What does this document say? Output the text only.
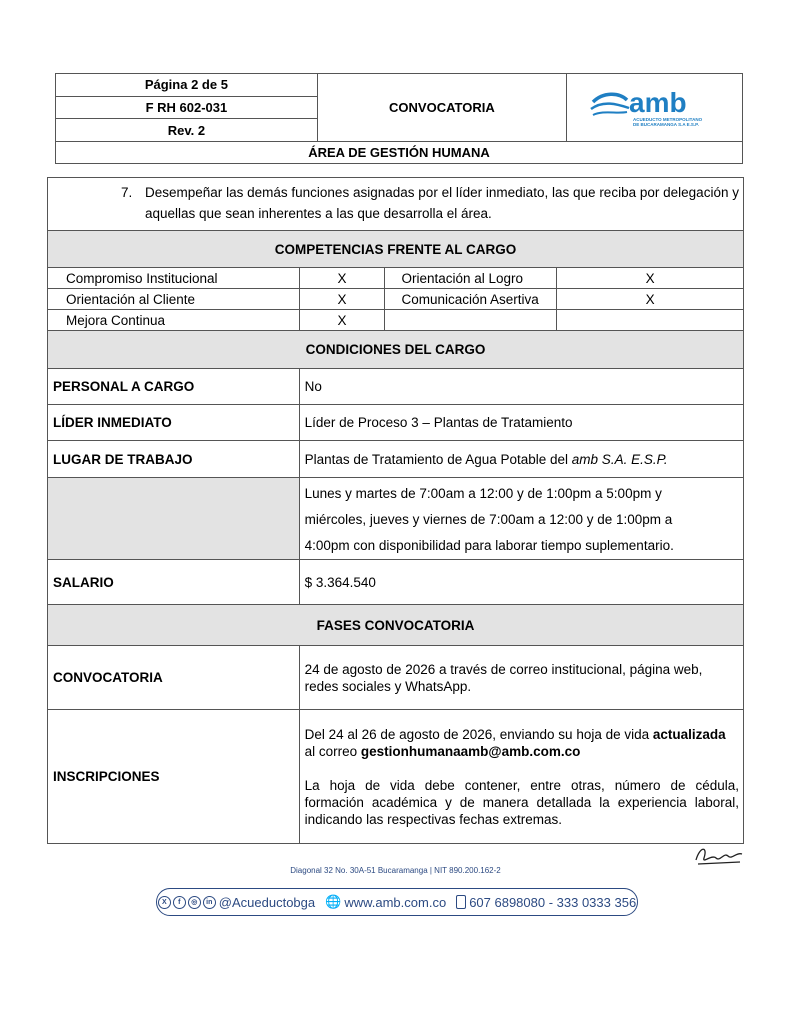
Página 2 de 5	CONVOCATORIA	amb
ACUEDUCTO METROPOLITANO
DE BUCARAMANGA S.A E.S.P.

F RH 602-031
Rev. 2
ÁREA DE GESTIÓN HUMANA
7. Desempeñar las demás funciones asignadas por el líder inmediato, las que reciba por delegación y aquellas que sean inherentes a las que desarrolla el área.			

COMPETENCIAS FRENTE AL CARGO			
Compromiso Institucional	X	Orientación al Logro	X
Orientación al Cliente	X	Comunicación Asertiva	X
Mejora Continua	X		
CONDICIONES DEL CARGO			
PERSONAL A CARGO	No		
LÍDER INMEDIATO	Líder de Proceso 3 – Plantas de Tratamiento		
LUGAR DE TRABAJO	Plantas de Tratamiento de Agua Potable del amb S.A. E.S.P.		

	Lunes y martes de 7:00am a 12:00 y de 1:00pm a 5:00pm y
miércoles, jueves y viernes de 7:00am a 12:00 y de 1:00pm a
4:00pm con disponibilidad para laborar tiempo suplementario.		

SALARIO	$ 3.364.540		
FASES CONVOCATORIA			
CONVOCATORIA	24 de agosto de 2026 a través de correo institucional, página web, redes sociales y WhatsApp.		

INSCRIPCIONES	Del 24 al 26 de agosto de 2026, enviando su hoja de vida actualizada
al correo gestionhumanaamb@amb.com.co

La hoja de vida debe contener, entre otras, número de cédula, formación académica y de manera detallada la experiencia laboral, indicando las respectivas fechas extremas.		

Diagonal 32 No. 30A-51 Bucaramanga | NIT 890.200.162-2
X	f	◎	in @Acueductobga 🌐 www.amb.com.co 607 6898080 - 333 0333 356
